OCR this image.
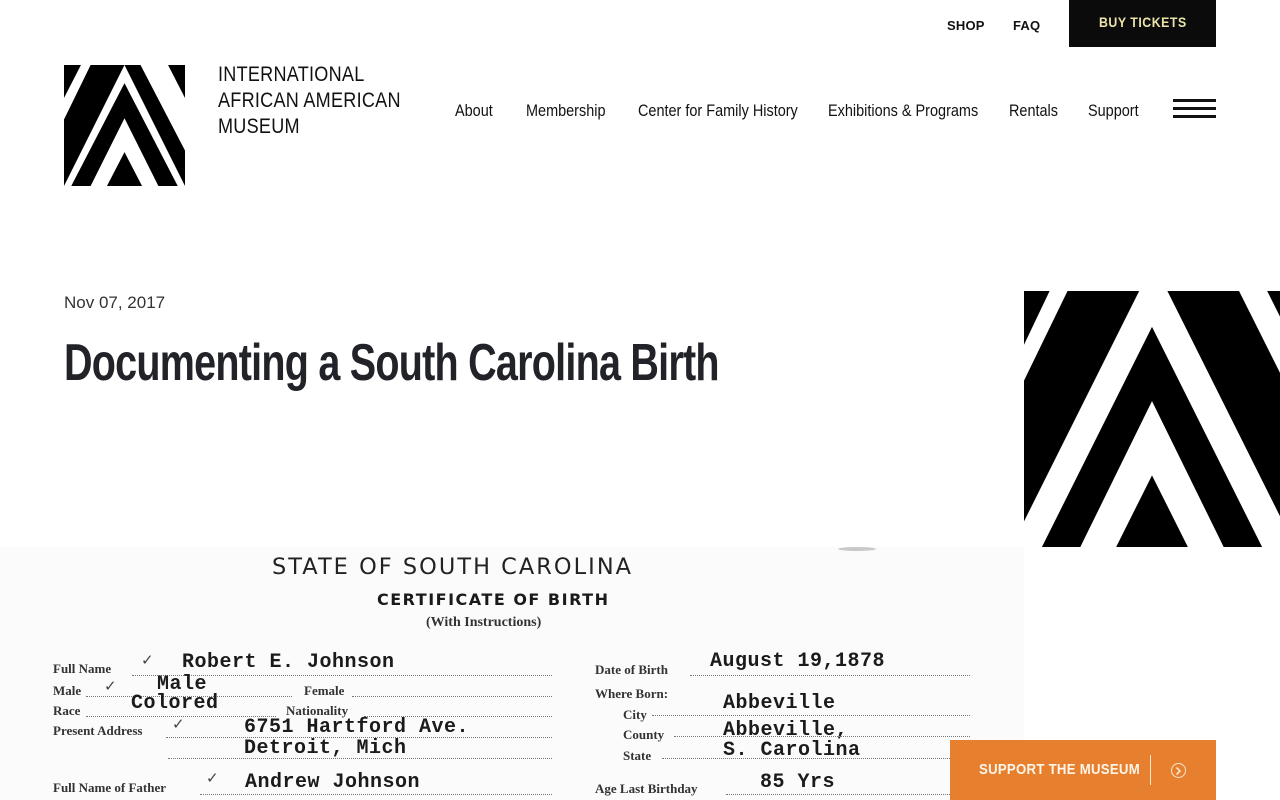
SHOP FAQ	BUY TICKETS
INTERNATIONAL
AFRICAN AMERICAN
MUSEUM
About Membership Center for Family History Exhibitions & Programs Rentals Support
Nov 07, 2017
Documenting a South Carolina Birth
STATE OF SOUTH CAROLINA
CERTIFICATE OF BIRTH
(With Instructions)
Full Name ✓ Robert E. Johnson
Male ✓ Male	Female
Race	Colored	Nationality
Present Address ✓	6751 Hartford Ave.
Detroit, Mich
Full Name of Father
✓ Andrew Johnson
Date of Birth August 19,1878
Where Born:
City	Abbeville
County	Abbeville,
State	S. Carolina
Age Last Birthday	85 Yrs
SUPPORT THE MUSEUM
